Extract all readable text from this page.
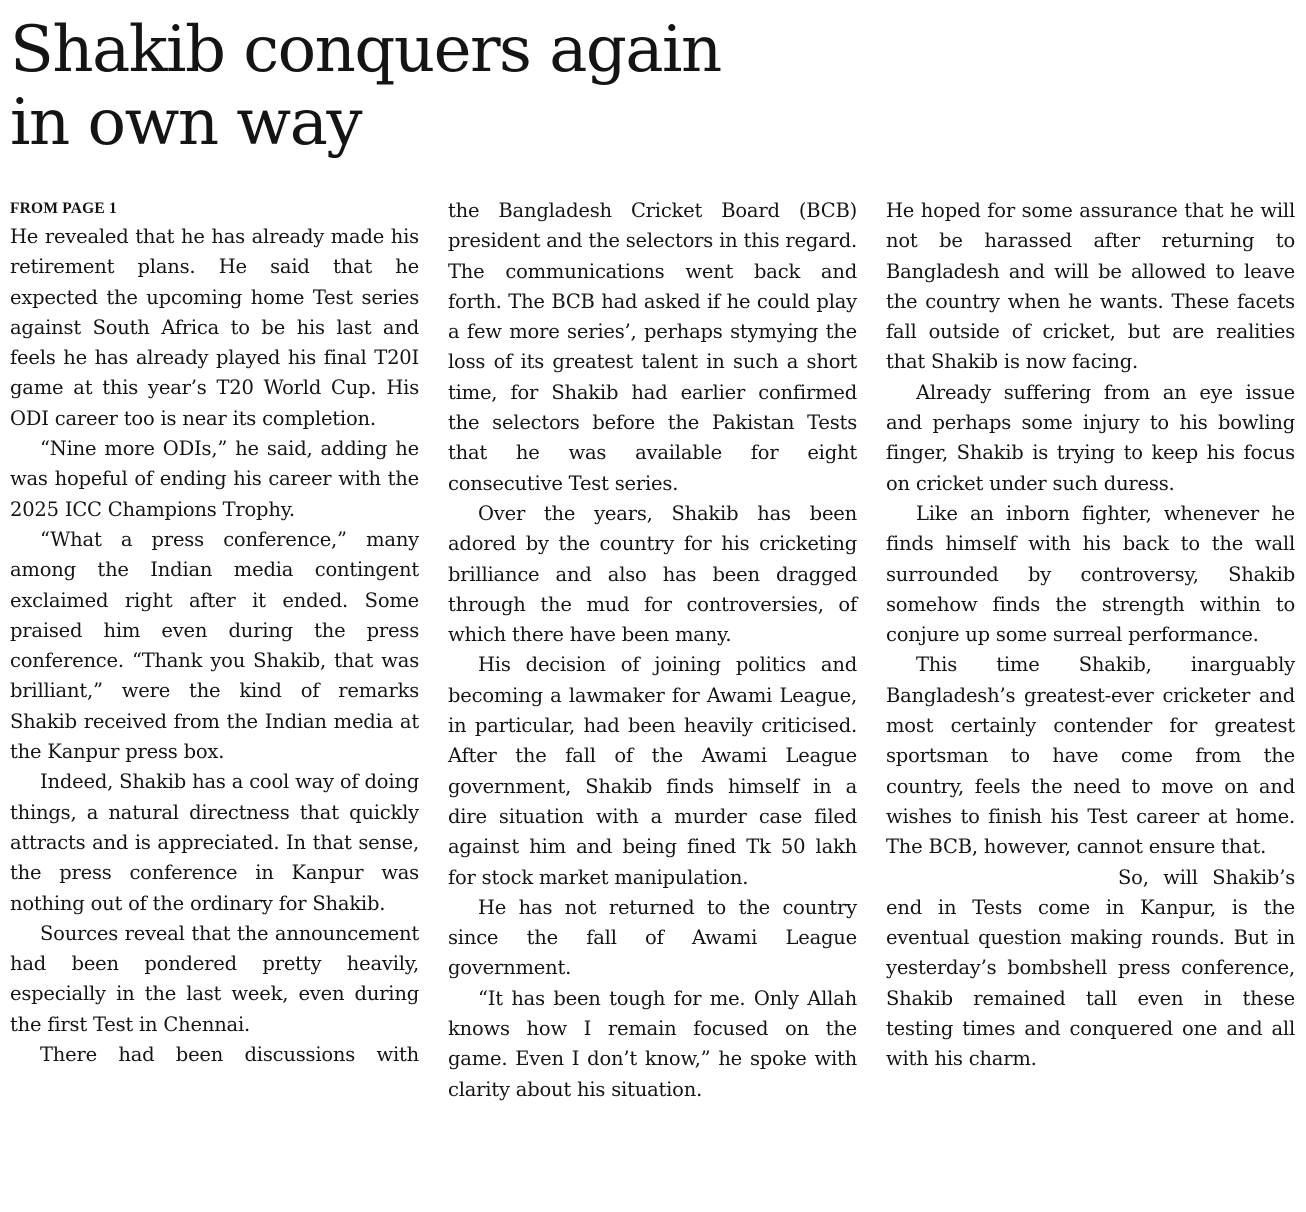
Shakib conquers again
in own way
FROM PAGE 1

He revealed that he has already made his retirement plans. He said that he expected the upcoming home Test series against South Africa to be his last and feels he has already played his final T20I game at this year’s T20 World Cup. His ODI career too is near its completion.

“Nine more ODIs,” he said, adding he was hopeful of ending his career with the 2025 ICC Champions Trophy.

“What a press conference,” many among the Indian media contingent exclaimed right after it ended. Some praised him even during the press conference. “Thank you Shakib, that was brilliant,” were the kind of remarks Shakib received from the Indian media at the Kanpur press box.

Indeed, Shakib has a cool way of doing things, a natural directness that quickly attracts and is appreciated. In that sense, the press conference in Kanpur was nothing out of the ordinary for Shakib.

Sources reveal that the announcement had been pondered pretty heavily, especially in the last week, even during the first Test in Chennai.

There had been discussions with

the Bangladesh Cricket Board (BCB) president and the selectors in this regard. The communications went back and forth. The BCB had asked if he could play a few more series’, perhaps stymying the loss of its greatest talent in such a short time, for Shakib had earlier confirmed the selectors before the Pakistan Tests that he was available for eight consecutive Test series.

Over the years, Shakib has been adored by the country for his cricketing brilliance and also has been dragged through the mud for controversies, of which there have been many.

His decision of joining politics and becoming a lawmaker for Awami League, in particular, had been heavily criticised. After the fall of the Awami League government, Shakib finds himself in a dire situation with a murder case filed against him and being fined Tk 50 lakh for stock market manipulation.

He has not returned to the country since the fall of Awami League government.

“It has been tough for me. Only Allah knows how I remain focused on the game. Even I don’t know,” he spoke with clarity about his situation.

He hoped for some assurance that he will not be harassed after returning to Bangladesh and will be allowed to leave the country when he wants. These facets fall outside of cricket, but are realities that Shakib is now facing.

Already suffering from an eye issue and perhaps some injury to his bowling finger, Shakib is trying to keep his focus on cricket under such duress.

Like an inborn fighter, whenever he finds himself with his back to the wall surrounded by controversy, Shakib somehow finds the strength within to conjure up some surreal performance.

This time Shakib, inarguably Bangladesh’s greatest-ever cricketer and most certainly contender for greatest sportsman to have come from the country, feels the need to move on and wishes to finish his Test career at home. The BCB, however, cannot ensure that.

So, will Shakib’s end in Tests come in Kanpur, is the eventual question making rounds. But in yesterday’s bombshell press conference, Shakib remained tall even in these testing times and conquered one and all with his charm.
